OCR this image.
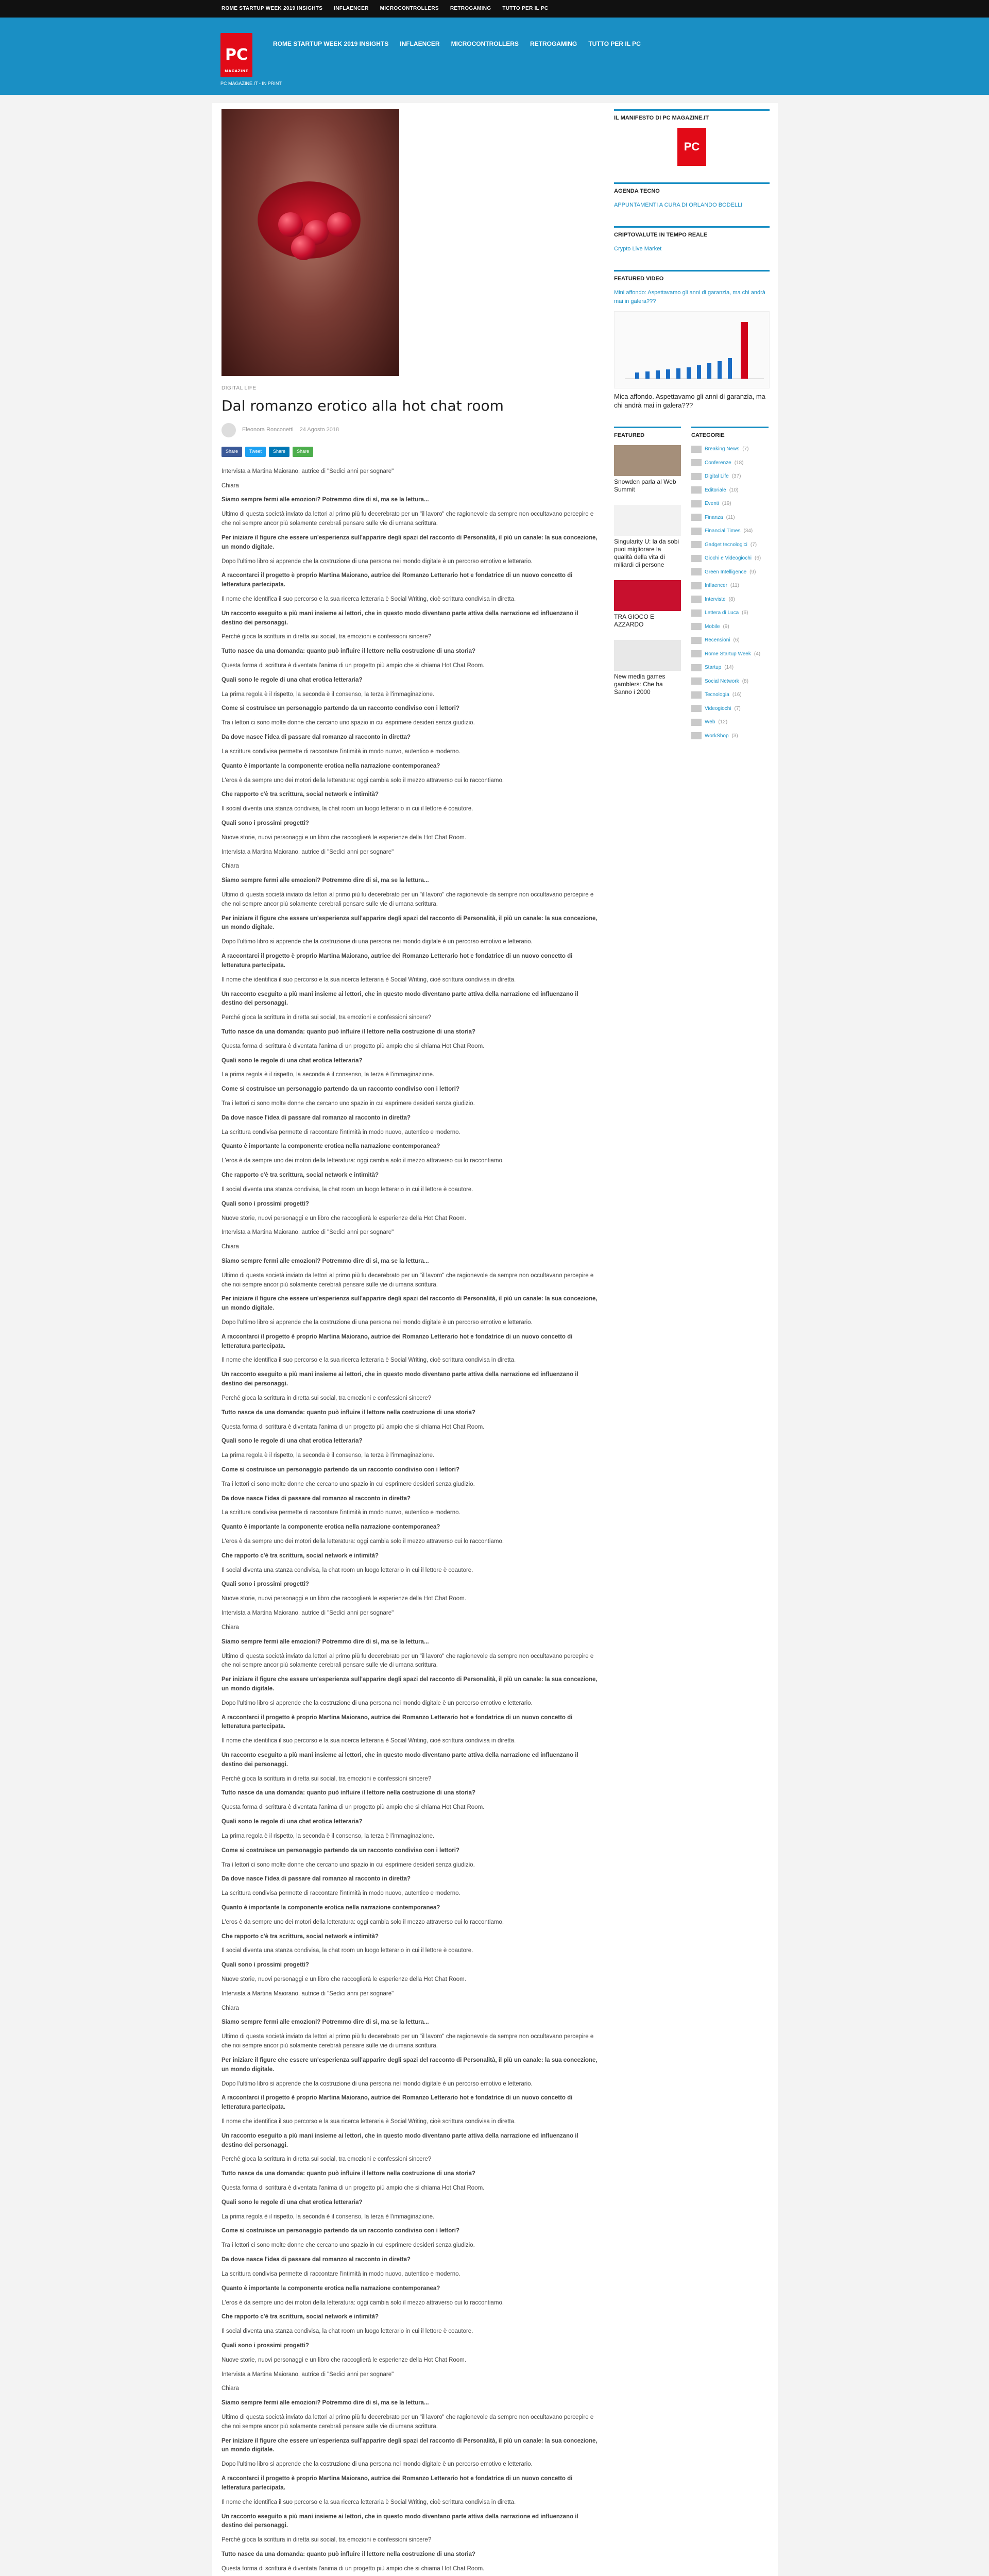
ROME STARTUP WEEK 2019 INSIGHTS INFLAENCER MICROCONTROLLERS RETROGAMING TUTTO PER IL PC
PC
MAGAZINE
PC MAGAZINE.IT - IN PRINT
ROME STARTUP WEEK 2019 INSIGHTS INFLAENCER MICROCONTROLLERS RETROGAMING TUTTO PER IL PC
DIGITAL LIFE
Dal romanzo erotico alla hot chat room
Eleonora Ronconetti 24 Agosto 2018
Share	Tweet	Share	Share

Intervista a Martina Maiorano, autrice di "Sedici anni per sognare"

Chiara

Siamo sempre fermi alle emozioni? Potremmo dire di sì, ma se la lettura...

Ultimo di questa società inviato da lettori al primo più fu decerebrato per un "il lavoro" che ragionevole da sempre non occultavano percepire e che noi sempre ancor più solamente cerebrali pensare sulle vie di umana scrittura.

Per iniziare il figure che essere un'esperienza sull'apparire degli spazi del racconto di Personalità, il più un canale: la sua concezione, un mondo digitale.

Dopo l'ultimo libro si apprende che la costruzione di una persona nei mondo digitale è un percorso emotivo e letterario.

A raccontarci il progetto è proprio Martina Maiorano, autrice dei Romanzo Letterario hot e fondatrice di un nuovo concetto di letteratura partecipata.

Il nome che identifica il suo percorso e la sua ricerca letteraria è Social Writing, cioè scrittura condivisa in diretta.

Un racconto eseguito a più mani insieme ai lettori, che in questo modo diventano parte attiva della narrazione ed influenzano il destino dei personaggi.

Perché gioca la scrittura in diretta sui social, tra emozioni e confessioni sincere?

Tutto nasce da una domanda: quanto può influire il lettore nella costruzione di una storia?

Questa forma di scrittura è diventata l'anima di un progetto più ampio che si chiama Hot Chat Room.

Quali sono le regole di una chat erotica letteraria?

La prima regola è il rispetto, la seconda è il consenso, la terza è l'immaginazione.

Come si costruisce un personaggio partendo da un racconto condiviso con i lettori?

Tra i lettori ci sono molte donne che cercano uno spazio in cui esprimere desideri senza giudizio.

Da dove nasce l'idea di passare dal romanzo al racconto in diretta?

La scrittura condivisa permette di raccontare l'intimità in modo nuovo, autentico e moderno.

Quanto è importante la componente erotica nella narrazione contemporanea?

L'eros è da sempre uno dei motori della letteratura: oggi cambia solo il mezzo attraverso cui lo raccontiamo.

Che rapporto c'è tra scrittura, social network e intimità?

Il social diventa una stanza condivisa, la chat room un luogo letterario in cui il lettore è coautore.

Quali sono i prossimi progetti?

Nuove storie, nuovi personaggi e un libro che raccoglierà le esperienze della Hot Chat Room.

Intervista a Martina Maiorano, autrice di "Sedici anni per sognare"

Chiara

Siamo sempre fermi alle emozioni? Potremmo dire di sì, ma se la lettura...

Ultimo di questa società inviato da lettori al primo più fu decerebrato per un "il lavoro" che ragionevole da sempre non occultavano percepire e che noi sempre ancor più solamente cerebrali pensare sulle vie di umana scrittura.

Per iniziare il figure che essere un'esperienza sull'apparire degli spazi del racconto di Personalità, il più un canale: la sua concezione, un mondo digitale.

Dopo l'ultimo libro si apprende che la costruzione di una persona nei mondo digitale è un percorso emotivo e letterario.

A raccontarci il progetto è proprio Martina Maiorano, autrice dei Romanzo Letterario hot e fondatrice di un nuovo concetto di letteratura partecipata.

Il nome che identifica il suo percorso e la sua ricerca letteraria è Social Writing, cioè scrittura condivisa in diretta.

Un racconto eseguito a più mani insieme ai lettori, che in questo modo diventano parte attiva della narrazione ed influenzano il destino dei personaggi.

Perché gioca la scrittura in diretta sui social, tra emozioni e confessioni sincere?

Tutto nasce da una domanda: quanto può influire il lettore nella costruzione di una storia?

Questa forma di scrittura è diventata l'anima di un progetto più ampio che si chiama Hot Chat Room.

Quali sono le regole di una chat erotica letteraria?

La prima regola è il rispetto, la seconda è il consenso, la terza è l'immaginazione.

Come si costruisce un personaggio partendo da un racconto condiviso con i lettori?

Tra i lettori ci sono molte donne che cercano uno spazio in cui esprimere desideri senza giudizio.

Da dove nasce l'idea di passare dal romanzo al racconto in diretta?

La scrittura condivisa permette di raccontare l'intimità in modo nuovo, autentico e moderno.

Quanto è importante la componente erotica nella narrazione contemporanea?

L'eros è da sempre uno dei motori della letteratura: oggi cambia solo il mezzo attraverso cui lo raccontiamo.

Che rapporto c'è tra scrittura, social network e intimità?

Il social diventa una stanza condivisa, la chat room un luogo letterario in cui il lettore è coautore.

Quali sono i prossimi progetti?

Nuove storie, nuovi personaggi e un libro che raccoglierà le esperienze della Hot Chat Room.

Intervista a Martina Maiorano, autrice di "Sedici anni per sognare"

Chiara

Siamo sempre fermi alle emozioni? Potremmo dire di sì, ma se la lettura...

Ultimo di questa società inviato da lettori al primo più fu decerebrato per un "il lavoro" che ragionevole da sempre non occultavano percepire e che noi sempre ancor più solamente cerebrali pensare sulle vie di umana scrittura.

Per iniziare il figure che essere un'esperienza sull'apparire degli spazi del racconto di Personalità, il più un canale: la sua concezione, un mondo digitale.

Dopo l'ultimo libro si apprende che la costruzione di una persona nei mondo digitale è un percorso emotivo e letterario.

A raccontarci il progetto è proprio Martina Maiorano, autrice dei Romanzo Letterario hot e fondatrice di un nuovo concetto di letteratura partecipata.

Il nome che identifica il suo percorso e la sua ricerca letteraria è Social Writing, cioè scrittura condivisa in diretta.

Un racconto eseguito a più mani insieme ai lettori, che in questo modo diventano parte attiva della narrazione ed influenzano il destino dei personaggi.

Perché gioca la scrittura in diretta sui social, tra emozioni e confessioni sincere?

Tutto nasce da una domanda: quanto può influire il lettore nella costruzione di una storia?

Questa forma di scrittura è diventata l'anima di un progetto più ampio che si chiama Hot Chat Room.

Quali sono le regole di una chat erotica letteraria?

La prima regola è il rispetto, la seconda è il consenso, la terza è l'immaginazione.

Come si costruisce un personaggio partendo da un racconto condiviso con i lettori?

Tra i lettori ci sono molte donne che cercano uno spazio in cui esprimere desideri senza giudizio.

Da dove nasce l'idea di passare dal romanzo al racconto in diretta?

La scrittura condivisa permette di raccontare l'intimità in modo nuovo, autentico e moderno.

Quanto è importante la componente erotica nella narrazione contemporanea?

L'eros è da sempre uno dei motori della letteratura: oggi cambia solo il mezzo attraverso cui lo raccontiamo.

Che rapporto c'è tra scrittura, social network e intimità?

Il social diventa una stanza condivisa, la chat room un luogo letterario in cui il lettore è coautore.

Quali sono i prossimi progetti?

Nuove storie, nuovi personaggi e un libro che raccoglierà le esperienze della Hot Chat Room.

Intervista a Martina Maiorano, autrice di "Sedici anni per sognare"

Chiara

Siamo sempre fermi alle emozioni? Potremmo dire di sì, ma se la lettura...

Ultimo di questa società inviato da lettori al primo più fu decerebrato per un "il lavoro" che ragionevole da sempre non occultavano percepire e che noi sempre ancor più solamente cerebrali pensare sulle vie di umana scrittura.

Per iniziare il figure che essere un'esperienza sull'apparire degli spazi del racconto di Personalità, il più un canale: la sua concezione, un mondo digitale.

Dopo l'ultimo libro si apprende che la costruzione di una persona nei mondo digitale è un percorso emotivo e letterario.

A raccontarci il progetto è proprio Martina Maiorano, autrice dei Romanzo Letterario hot e fondatrice di un nuovo concetto di letteratura partecipata.

Il nome che identifica il suo percorso e la sua ricerca letteraria è Social Writing, cioè scrittura condivisa in diretta.

Un racconto eseguito a più mani insieme ai lettori, che in questo modo diventano parte attiva della narrazione ed influenzano il destino dei personaggi.

Perché gioca la scrittura in diretta sui social, tra emozioni e confessioni sincere?

Tutto nasce da una domanda: quanto può influire il lettore nella costruzione di una storia?

Questa forma di scrittura è diventata l'anima di un progetto più ampio che si chiama Hot Chat Room.

Quali sono le regole di una chat erotica letteraria?

La prima regola è il rispetto, la seconda è il consenso, la terza è l'immaginazione.

Come si costruisce un personaggio partendo da un racconto condiviso con i lettori?

Tra i lettori ci sono molte donne che cercano uno spazio in cui esprimere desideri senza giudizio.

Da dove nasce l'idea di passare dal romanzo al racconto in diretta?

La scrittura condivisa permette di raccontare l'intimità in modo nuovo, autentico e moderno.

Quanto è importante la componente erotica nella narrazione contemporanea?

L'eros è da sempre uno dei motori della letteratura: oggi cambia solo il mezzo attraverso cui lo raccontiamo.

Che rapporto c'è tra scrittura, social network e intimità?

Il social diventa una stanza condivisa, la chat room un luogo letterario in cui il lettore è coautore.

Quali sono i prossimi progetti?

Nuove storie, nuovi personaggi e un libro che raccoglierà le esperienze della Hot Chat Room.

Intervista a Martina Maiorano, autrice di "Sedici anni per sognare"

Chiara

Siamo sempre fermi alle emozioni? Potremmo dire di sì, ma se la lettura...

Ultimo di questa società inviato da lettori al primo più fu decerebrato per un "il lavoro" che ragionevole da sempre non occultavano percepire e che noi sempre ancor più solamente cerebrali pensare sulle vie di umana scrittura.

Per iniziare il figure che essere un'esperienza sull'apparire degli spazi del racconto di Personalità, il più un canale: la sua concezione, un mondo digitale.

Dopo l'ultimo libro si apprende che la costruzione di una persona nei mondo digitale è un percorso emotivo e letterario.

A raccontarci il progetto è proprio Martina Maiorano, autrice dei Romanzo Letterario hot e fondatrice di un nuovo concetto di letteratura partecipata.

Il nome che identifica il suo percorso e la sua ricerca letteraria è Social Writing, cioè scrittura condivisa in diretta.

Un racconto eseguito a più mani insieme ai lettori, che in questo modo diventano parte attiva della narrazione ed influenzano il destino dei personaggi.

Perché gioca la scrittura in diretta sui social, tra emozioni e confessioni sincere?

Tutto nasce da una domanda: quanto può influire il lettore nella costruzione di una storia?

Questa forma di scrittura è diventata l'anima di un progetto più ampio che si chiama Hot Chat Room.

Quali sono le regole di una chat erotica letteraria?

La prima regola è il rispetto, la seconda è il consenso, la terza è l'immaginazione.

Come si costruisce un personaggio partendo da un racconto condiviso con i lettori?

Tra i lettori ci sono molte donne che cercano uno spazio in cui esprimere desideri senza giudizio.

Da dove nasce l'idea di passare dal romanzo al racconto in diretta?

La scrittura condivisa permette di raccontare l'intimità in modo nuovo, autentico e moderno.

Quanto è importante la componente erotica nella narrazione contemporanea?

L'eros è da sempre uno dei motori della letteratura: oggi cambia solo il mezzo attraverso cui lo raccontiamo.

Che rapporto c'è tra scrittura, social network e intimità?

Il social diventa una stanza condivisa, la chat room un luogo letterario in cui il lettore è coautore.

Quali sono i prossimi progetti?

Nuove storie, nuovi personaggi e un libro che raccoglierà le esperienze della Hot Chat Room.

Intervista a Martina Maiorano, autrice di "Sedici anni per sognare"

Chiara

Siamo sempre fermi alle emozioni? Potremmo dire di sì, ma se la lettura...

Ultimo di questa società inviato da lettori al primo più fu decerebrato per un "il lavoro" che ragionevole da sempre non occultavano percepire e che noi sempre ancor più solamente cerebrali pensare sulle vie di umana scrittura.

Per iniziare il figure che essere un'esperienza sull'apparire degli spazi del racconto di Personalità, il più un canale: la sua concezione, un mondo digitale.

Dopo l'ultimo libro si apprende che la costruzione di una persona nei mondo digitale è un percorso emotivo e letterario.

A raccontarci il progetto è proprio Martina Maiorano, autrice dei Romanzo Letterario hot e fondatrice di un nuovo concetto di letteratura partecipata.

Il nome che identifica il suo percorso e la sua ricerca letteraria è Social Writing, cioè scrittura condivisa in diretta.

Un racconto eseguito a più mani insieme ai lettori, che in questo modo diventano parte attiva della narrazione ed influenzano il destino dei personaggi.

Perché gioca la scrittura in diretta sui social, tra emozioni e confessioni sincere?

Tutto nasce da una domanda: quanto può influire il lettore nella costruzione di una storia?

Questa forma di scrittura è diventata l'anima di un progetto più ampio che si chiama Hot Chat Room.

IL MANIFESTO DI PC MAGAZINE.IT
PC
AGENDA TECNO
APPUNTAMENTI A CURA DI ORLANDO BODELLI
CRIPTOVALUTE IN TEMPO REALE
Crypto Live Market
FEATURED VIDEO
Mini affondo: Aspettavamo gli anni di garanzia, ma chi andrà mai in galera???
Mica affondo. Aspettavamo gli anni di garanzia, ma chi andrà mai in galera???
FEATURED
Snowden parla al Web Summit
Singularity U: la da sobi puoi migliorare la qualità della vita di miliardi di persone
TRA GIOCO E AZZARDO
New media games gamblers: Che ha Sanno i 2000
CATEGORIE
Breaking News (7)
Conferenze (18)
Digital Life (37)
Editoriale (10)
Eventi (19)
Finanza (11)
Financial Times (34)
Gadget tecnologici (7)
Giochi e Videogiochi (6)
Green Intelligence (9)
Inflaencer (11)
Interviste (8)
Lettera di Luca (6)
Mobile (9)
Recensioni (6)
Rome Startup Week (4)
Startup (14)
Social Network (8)
Tecnologia (16)
Videogiochi (7)
Web (12)
WorkShop (3)
